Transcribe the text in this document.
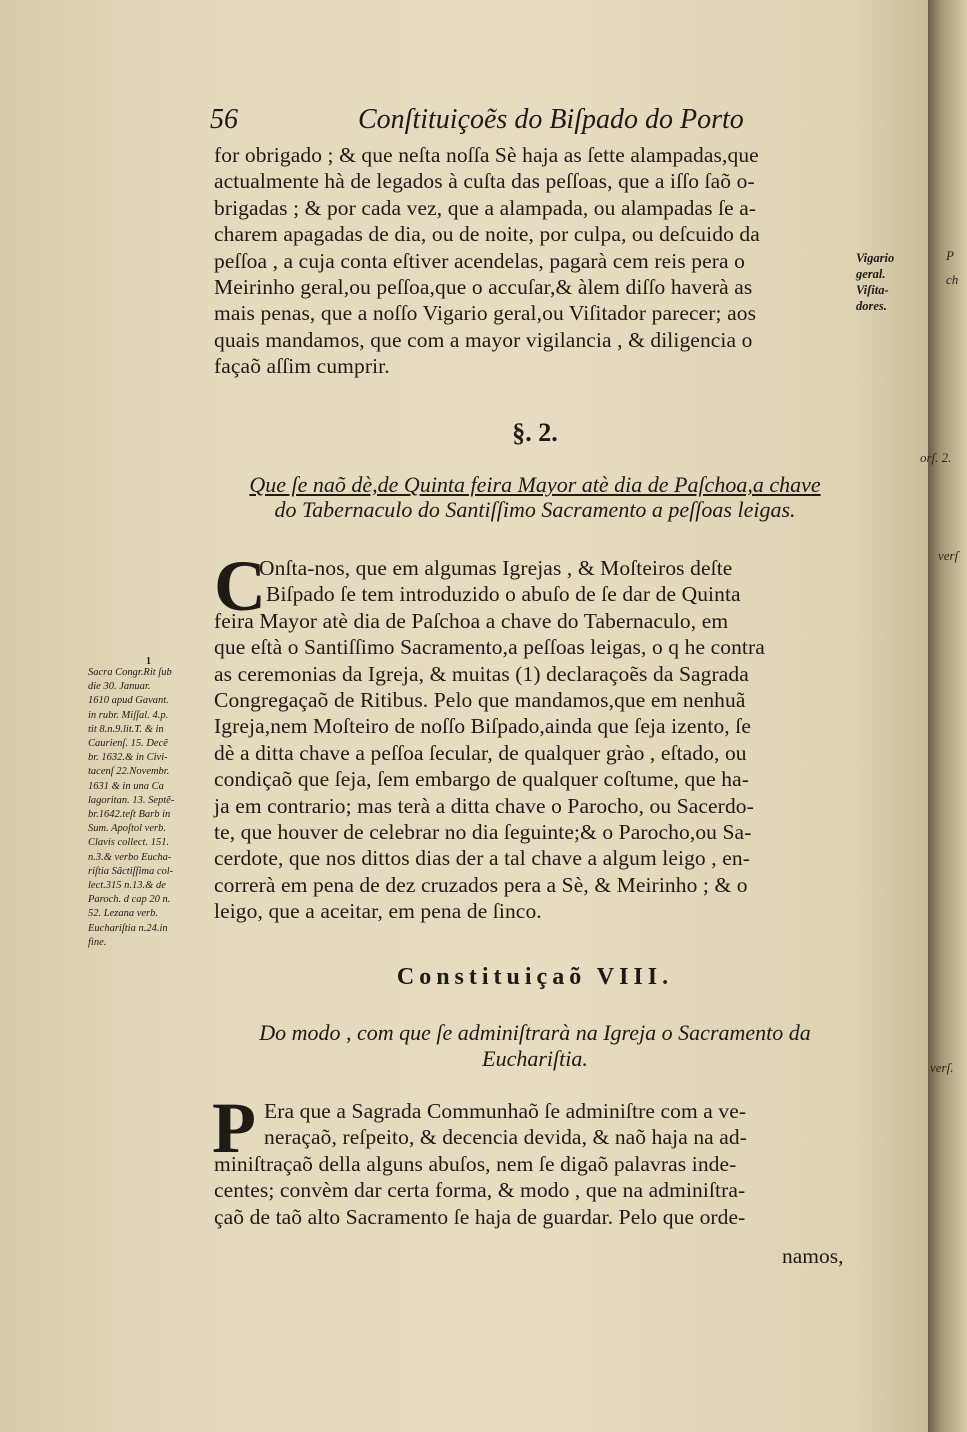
56	Conſtituiçoẽs do Biſpado do Porto
for obrigado ; & que neſta noſſa Sè haja as ſette alampadas,que
actualmente hà de legados à cuſta das peſſoas, que a iſſo ſaõ o-
brigadas ; & por cada vez, que a alampada, ou alampadas ſe a-
charem apagadas de dia, ou de noite, por culpa, ou deſcuido da
peſſoa , a cuja conta eſtiver acendelas, pagarà cem reis pera o
Meirinho geral,ou peſſoa,que o accuſar,& àlem diſſo haverà as
mais penas, que a noſſo Vigario geral,ou Viſitador parecer; aos
quais mandamos, que com a mayor vigilancia , & diligencia o
façaõ aſſim cumprir.
Vigario
geral.
Viſita-
dores.
§. 2.
Que ſe naõ dè,de Quinta feira Mayor atè dia de Paſchoa,a chave
do Tabernaculo do Santiſſimo Sacramento a peſſoas leigas.
C
Onſta-nos, que em algumas Igrejas , & Moſteiros deſte
Biſpado ſe tem introduzido o abuſo de ſe dar de Quinta
feira Mayor atè dia de Paſchoa a chave do Tabernaculo, em
que eſtà o Santiſſimo Sacramento,a peſſoas leigas, o q he contra
as ceremonias da Igreja, & muitas (1) declaraçoẽs da Sagrada
Congregaçaõ de Ritibus. Pelo que mandamos,que em nenhuã
Igreja,nem Moſteiro de noſſo Biſpado,ainda que ſeja izento, ſe
dè a ditta chave a peſſoa ſecular, de qualquer grào , eſtado, ou
condiçaõ que ſeja, ſem embargo de qualquer coſtume, que ha-
ja em contrario; mas terà a ditta chave o Parocho, ou Sacerdo-
te, que houver de celebrar no dia ſeguinte;& o Parocho,ou Sa-
cerdote, que nos dittos dias der a tal chave a algum leigo , en-
correrà em pena de dez cruzados pera a Sè, & Meirinho ; & o
leigo, que a aceitar, em pena de ſinco.
1
Sacra Congr.Rit ſub
die 30. Januar.
1610 apud Gavant.
in rubr. Miſſal. 4.p.
tit 8.n.9.lit.T. & in
Caurienſ. 15. Decẽ
br. 1632.& in Civi-
tacenſ 22.Novembr.
1631 & in una Ca
lagoritan. 13. Septẽ-
br.1642.teſt Barb in
Sum. Apoſtol verb.
Clavis collect. 151.
n.3.& verbo Eucha-
riſtia Sãctiſſima col-
lect.315 n.13.& de
Paroch. d cap 20 n.
52. Lezana verb.
Euchariſtia n.24.in
fine.
Constituiçaõ VIII.
Do modo , com que ſe adminiſtrarà na Igreja o Sacramento da
Euchariſtia.
P Era que a Sagrada Communhaõ ſe adminiſtre com a ve-
neraçaõ, reſpeito, & decencia devida, & naõ haja na ad-
miniſtraçaõ della alguns abuſos, nem ſe digaõ palavras inde-
centes; convèm dar certa forma, & modo , que na adminiſtra-
çaõ de taõ alto Sacramento ſe haja de guardar. Pelo que orde-
namos,
P
ch
orſ. 2.
verſ
verſ.
